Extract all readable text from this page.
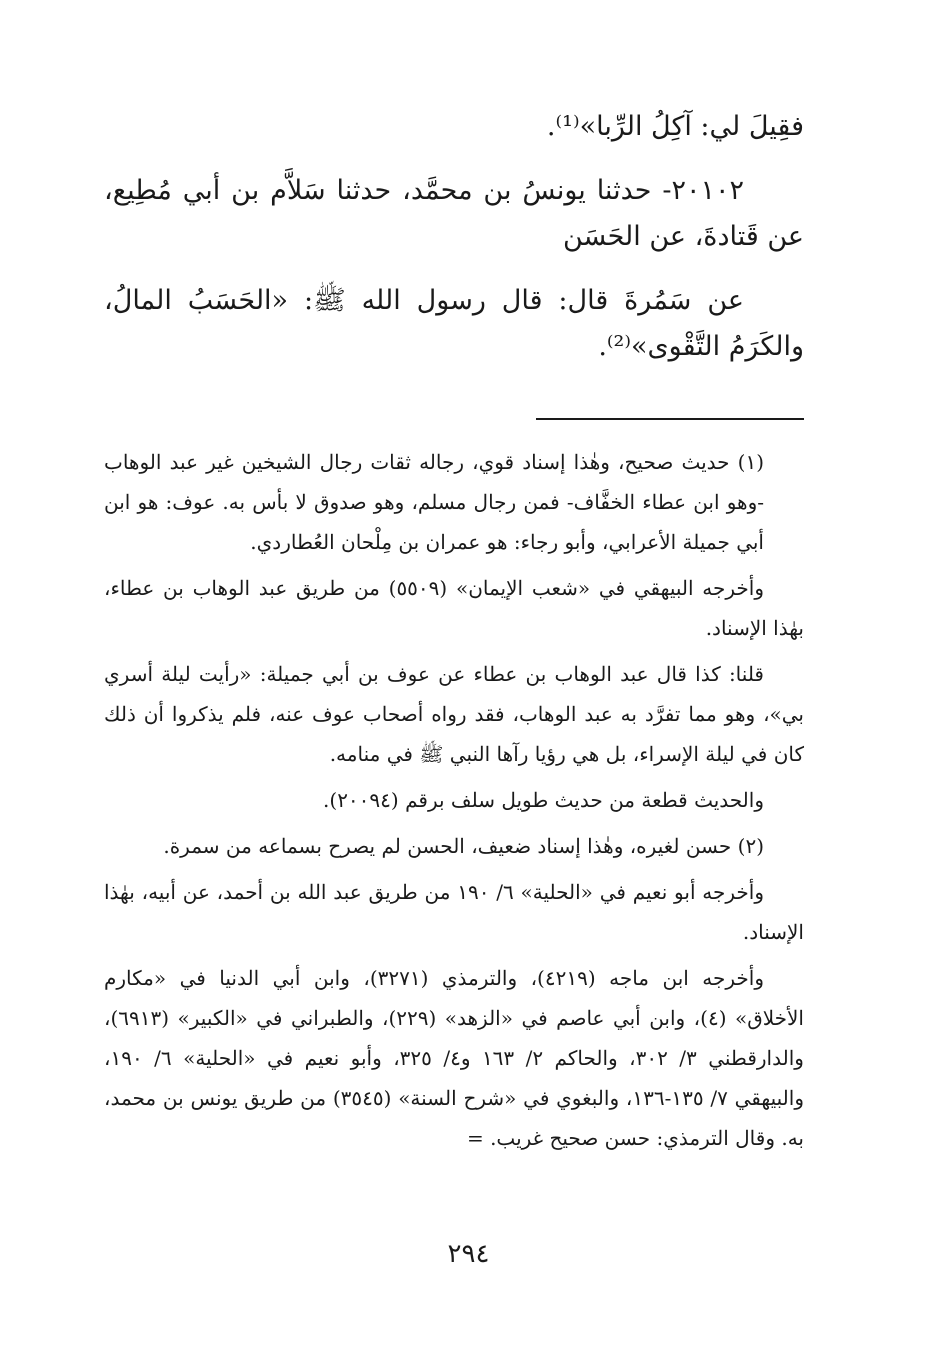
فقِيلَ لي: آكِلُ الرِّبا»⁽¹⁾.

٢٠١٠٢- حدثنا يونسُ بن محمَّد، حدثنا سَلاَّم بن أبي مُطِيع، عن قَتادةَ، عن الحَسَن

عن سَمُرةَ قال: قال رسول الله ﷺ: «الحَسَبُ المالُ، والكَرَمُ التَّقْوى»⁽²⁾.

(١) حديث صحيح، وهٰذا إسناد قوي، رجاله ثقات رجال الشيخين غير عبد الوهاب -وهو ابن عطاء الخفَّاف- فمن رجال مسلم، وهو صدوق لا بأس به. عوف: هو ابن أبي جميلة الأعرابي، وأبو رجاء: هو عمران بن مِلْحان العُطاردي.

وأخرجه البيهقي في «شعب الإيمان» (٥٥٠٩) من طريق عبد الوهاب بن عطاء، بهٰذا الإسناد.

قلنا: كذا قال عبد الوهاب بن عطاء عن عوف بن أبي جميلة: «رأيت ليلة أسري بي»، وهو مما تفرَّد به عبد الوهاب، فقد رواه أصحاب عوف عنه، فلم يذكروا أن ذلك كان في ليلة الإسراء، بل هي رؤيا رآها النبي ﷺ في منامه.

والحديث قطعة من حديث طويل سلف برقم (٢٠٠٩٤).

(٢) حسن لغيره، وهٰذا إسناد ضعيف، الحسن لم يصرح بسماعه من سمرة.

وأخرجه أبو نعيم في «الحلية» ٦/ ١٩٠ من طريق عبد الله بن أحمد، عن أبيه، بهٰذا الإسناد.

وأخرجه ابن ماجه (٤٢١٩)، والترمذي (٣٢٧١)، وابن أبي الدنيا في «مكارم الأخلاق» (٤)، وابن أبي عاصم في «الزهد» (٢٢٩)، والطبراني في «الكبير» (٦٩١٣)، والدارقطني ٣/ ٣٠٢، والحاكم ٢/ ١٦٣ و٤/ ٣٢٥، وأبو نعيم في «الحلية» ٦/ ١٩٠، والبيهقي ٧/ ١٣٥-١٣٦، والبغوي في «شرح السنة» (٣٥٤٥) من طريق يونس بن محمد، به. وقال الترمذي: حسن صحيح غريب. =

٢٩٤
